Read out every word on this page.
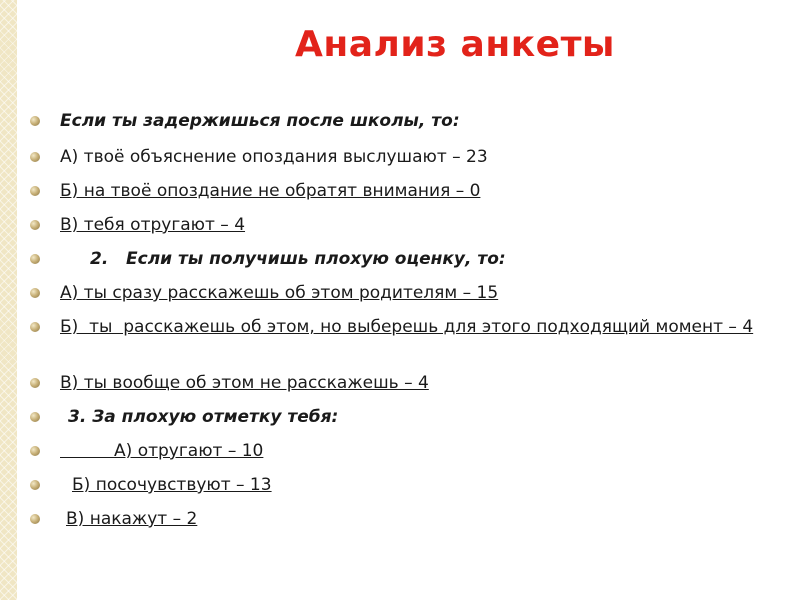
Анализ анкеты
Если ты задержишься после школы, то:
А) твоё объяснение опоздания выслушают – 23
Б) на твоё опоздание не обратят внимания – 0
В) тебя отругают – 4
2.   Если ты получишь плохую оценку, то:
А) ты сразу расскажешь об этом родителям – 15
Б)  ты  расскажешь об этом, но выберешь для этого подходящий момент – 4
В) ты вообще об этом не расскажешь – 4
3. За плохую отметку тебя:
А) отругают – 10
Б) посочувствуют – 13
В) накажут – 2
